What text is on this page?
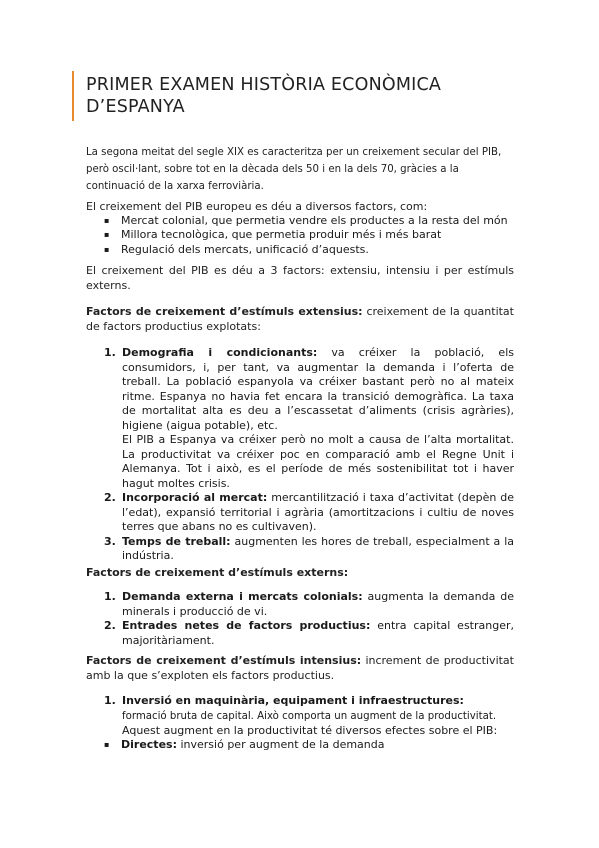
PRIMER EXAMEN HISTÒRIA ECONÒMICA
D’ESPANYA
La segona meitat del segle XIX es caracteritza per un creixement secular del PIB, però oscil·lant, sobre tot en la dècada dels 50 i en la dels 70, gràcies a la continuació de la xarxa ferroviària.
El creixement del PIB europeu es déu a diversos factors, com:
▪ Mercat colonial, que permetia vendre els productes a la resta del món
▪ Millora tecnològica, que permetia produir més i més barat
▪ Regulació dels mercats, unificació d’aquests.
El creixement del PIB es déu a 3 factors: extensiu, intensiu i per estímuls externs.
Factors de creixement d’estímuls extensius: creixement de la quantitat de factors productius explotats:
1. Demografia i condicionants: va créixer la població, els consumidors, i, per tant, va augmentar la demanda i l’oferta de treball. La població espanyola va créixer bastant però no al mateix ritme. Espanya no havia fet encara la transició demogràfica. La taxa de mortalitat alta es deu a l’escassetat d’aliments (crisis agràries), higiene (aigua potable), etc.
El PIB a Espanya va créixer però no molt a causa de l’alta mortalitat. La productivitat va créixer poc en comparació amb el Regne Unit i Alemanya. Tot i això, es el període de més sostenibilitat tot i haver hagut moltes crisis.
2. Incorporació al mercat: mercantilització i taxa d’activitat (depèn de l’edat), expansió territorial i agrària (amortitzacions i cultiu de noves terres que abans no es cultivaven).
3. Temps de treball: augmenten les hores de treball, especialment a la indústria.
Factors de creixement d’estímuls externs:
1. Demanda externa i mercats colonials: augmenta la demanda de minerals i producció de vi.
2. Entrades netes de factors productius: entra capital estranger, majoritàriament.
Factors de creixement d’estímuls intensius: increment de productivitat amb la que s’exploten els factors productius.
1. Inversió en maquinària, equipament i infraestructures:
formació bruta de capital. Això comporta un augment de la productivitat.
Aquest augment en la productivitat té diversos efectes sobre el PIB:
▪ Directes: inversió per augment de la demanda
